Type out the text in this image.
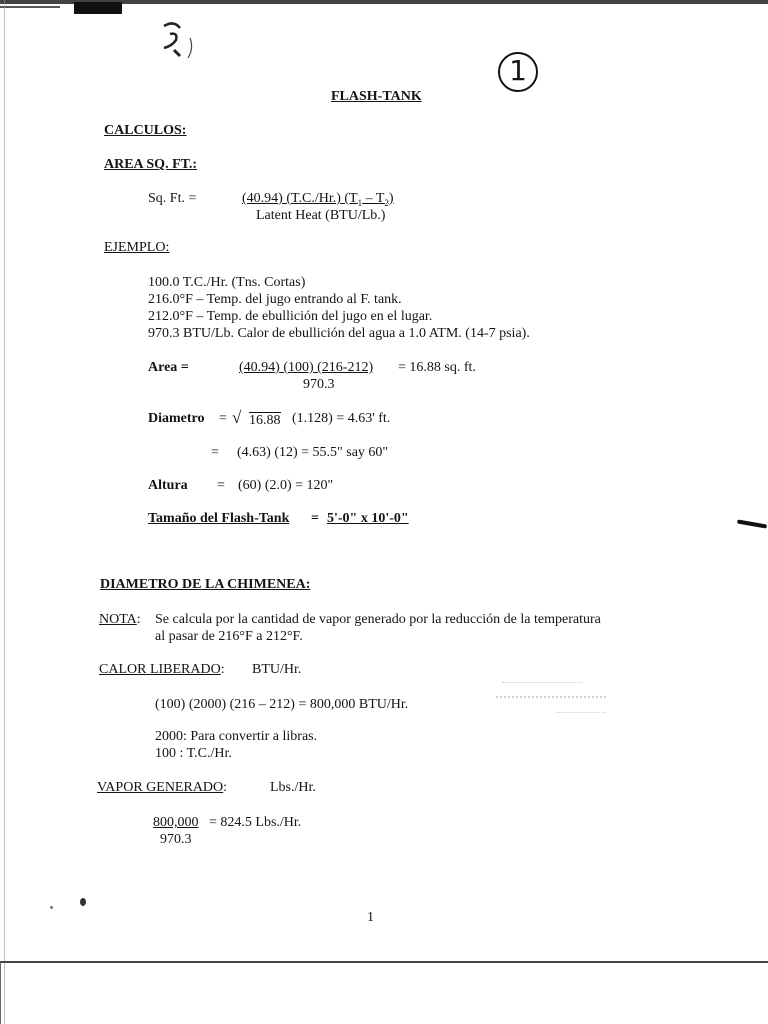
1
FLASH-TANK
CALCULOS:
AREA SQ. FT.:
Sq. Ft. =	(40.94) (T.C./Hr.) $(T_1 - T_2)$
Latent Heat (BTU/Lb.)
EJEMPLO:
100.0 T.C./Hr. (Tns. Cortas)
216.0°F – Temp. del jugo entrando al F. tank.
212.0°F – Temp. de ebullición del jugo en el lugar.
970.3 BTU/Lb. Calor de ebullición del agua a 1.0 ATM. (14-7 psia).
Area =	(40.94) (100) (216-212) = 16.88 sq. ft.
970.3
Diametro = √ 16.88 (1.128) = 4.63' ft.
= (4.63) (12) = 55.5" say 60"
Altura = (60) (2.0) = 120"
Tamaño del Flash-Tank = 5'-0" x 10'-0"
DIAMETRO DE LA CHIMENEA:
NOTA: Se calcula por la cantidad de vapor generado por la reducción de la temperatura
al pasar de 216°F a 212°F.
CALOR LIBERADO: BTU/Hr.
(100) (2000) (216 – 212) = 800,000 BTU/Hr.
2000: Para convertir a libras.
100 : T.C./Hr.
VAPOR GENERADO:	Lbs./Hr.
800,000 = 824.5 Lbs./Hr.
970.3
1
